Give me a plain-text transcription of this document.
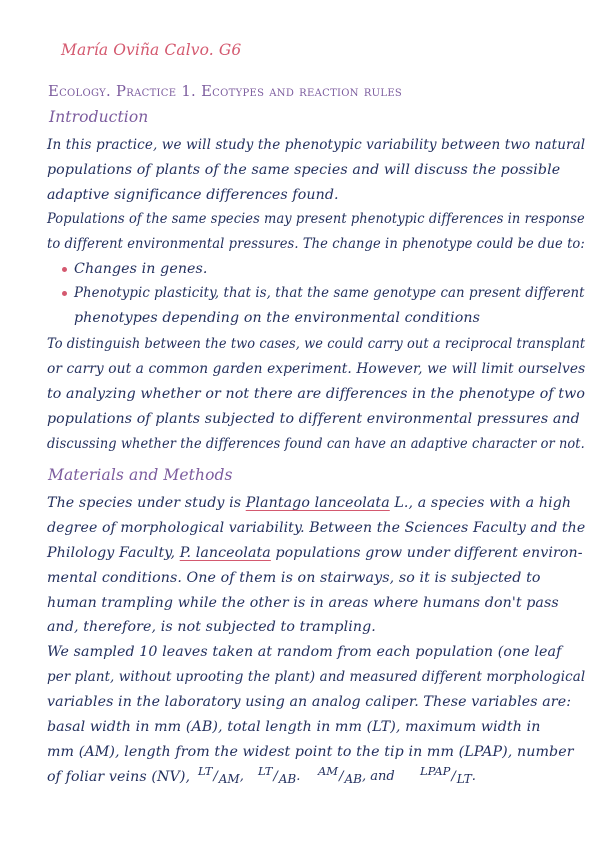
María Oviña Calvo. G6
Ecology. Practice 1. Ecotypes and reaction rules
Introduction
In this practice, we will study the phenotypic variability between two natural
populations of plants of the same species and will discuss the possible
adaptive significance differences found.
Populations of the same species may present phenotypic differences in response
to different environmental pressures. The change in phenotype could be due to:
Changes in genes.
Phenotypic plasticity, that is, that the same genotype can present different
phenotypes depending on the environmental conditions
To distinguish between the two cases, we could carry out a reciprocal transplant
or carry out a common garden experiment. However, we will limit ourselves
to analyzing whether or not there are differences in the phenotype of two
populations of plants subjected to different environmental pressures and
discussing whether the differences found can have an adaptive character or not.
Materials and Methods
The species under study is Plantago lanceolata L., a species with a high
degree of morphological variability. Between the Sciences Faculty and the
Philology Faculty, P. lanceolata populations grow under different environ-
mental conditions. One of them is on stairways, so it is subjected to
human trampling while the other is in areas where humans don't pass
and, therefore, is not subjected to trampling.
We sampled 10 leaves taken at random from each population (one leaf
per plant, without uprooting the plant) and measured different morphological
variables in the laboratory using an analog caliper. These variables are:
basal width in mm (AB), total length in mm (LT), maximum width in
mm (AM), length from the widest point to the tip in mm (LPAP), number
of foliar veins (NV), LT/AM, LT/AB. AM/AB, and LPAP/LT.
